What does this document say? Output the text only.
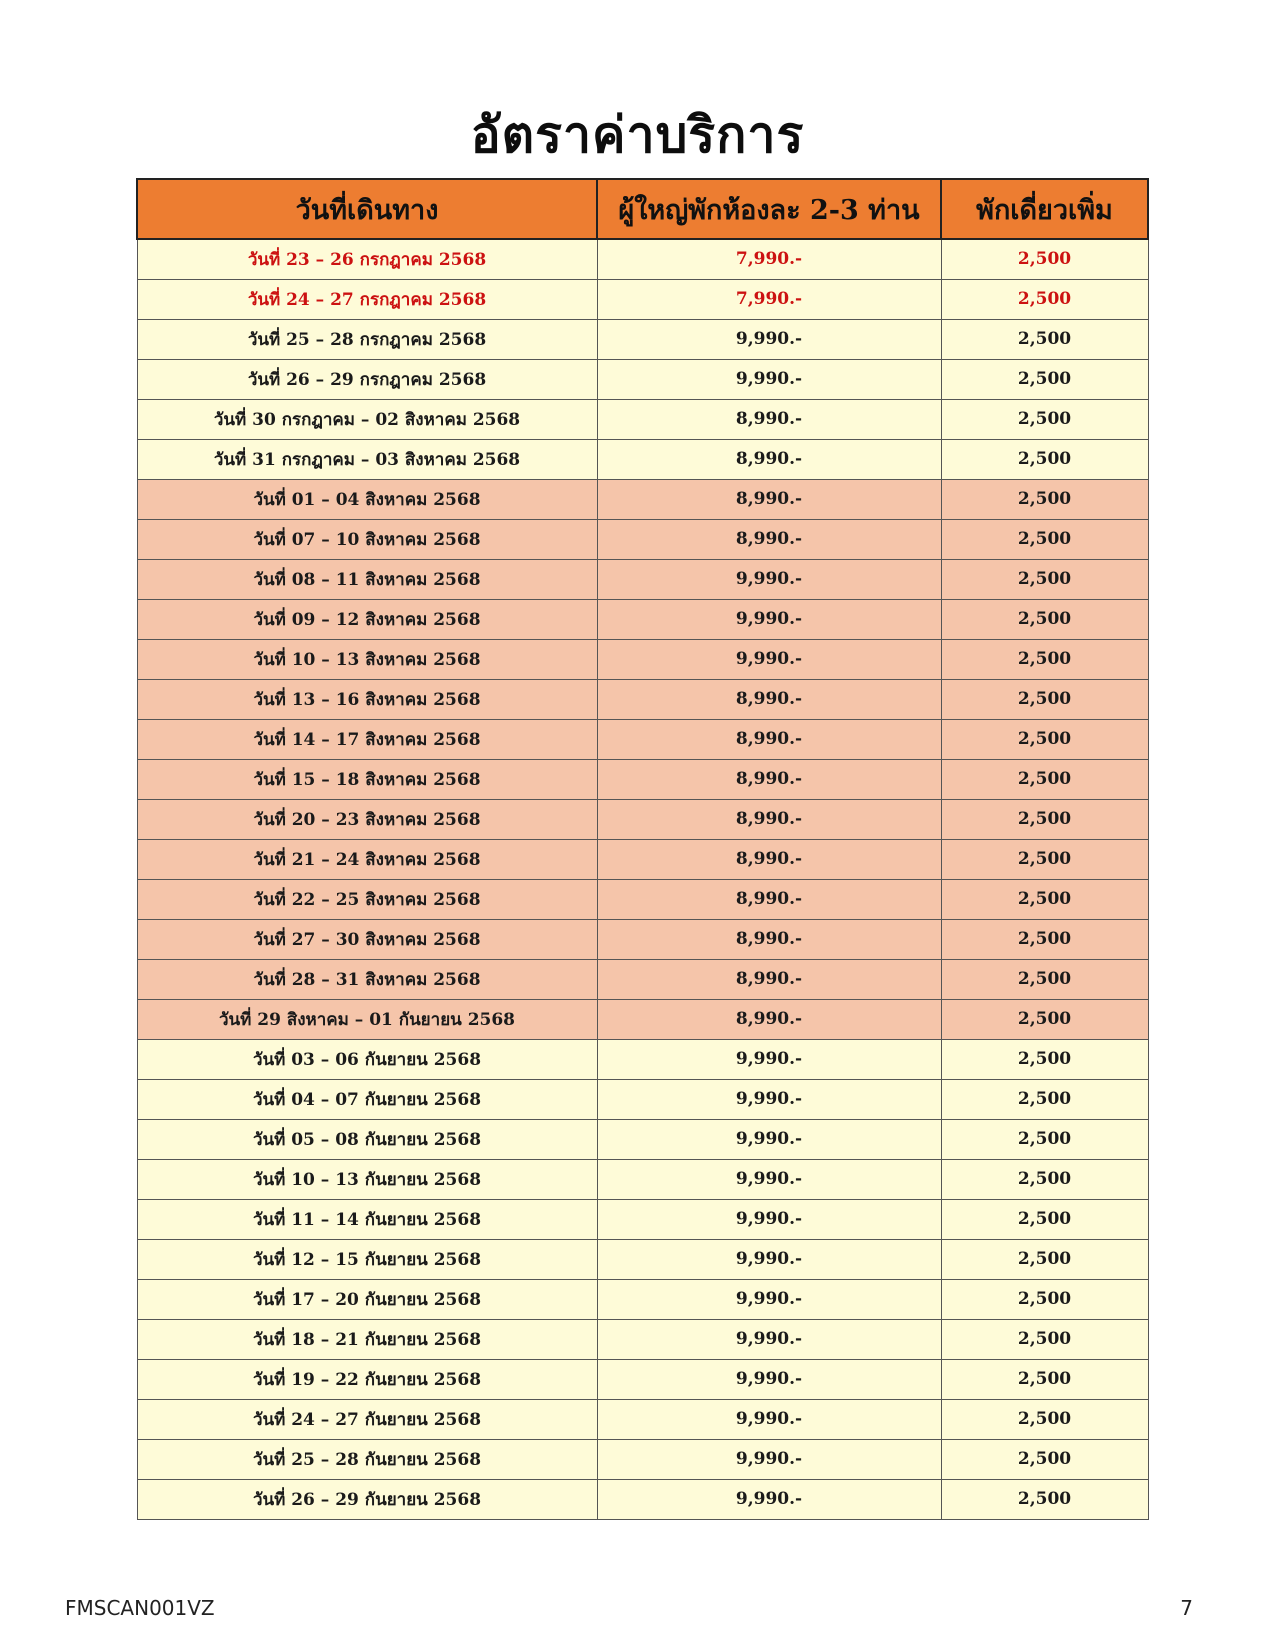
อัตราค่าบริการ
วันที่เดินทาง	ผู้ใหญ่พักห้องละ 2-3 ท่าน	พักเดี่ยวเพิ่ม
วันที่ 23 – 26 กรกฎาคม 2568	7,990.-	2,500
วันที่ 24 – 27 กรกฎาคม 2568	7,990.-	2,500
วันที่ 25 – 28 กรกฎาคม 2568	9,990.-	2,500
วันที่ 26 – 29 กรกฎาคม 2568	9,990.-	2,500
วันที่ 30 กรกฎาคม – 02 สิงหาคม 2568	8,990.-	2,500
วันที่ 31 กรกฎาคม – 03 สิงหาคม 2568	8,990.-	2,500
วันที่ 01 – 04 สิงหาคม 2568	8,990.-	2,500
วันที่ 07 – 10 สิงหาคม 2568	8,990.-	2,500
วันที่ 08 – 11 สิงหาคม 2568	9,990.-	2,500
วันที่ 09 – 12 สิงหาคม 2568	9,990.-	2,500
วันที่ 10 – 13 สิงหาคม 2568	9,990.-	2,500
วันที่ 13 – 16 สิงหาคม 2568	8,990.-	2,500
วันที่ 14 – 17 สิงหาคม 2568	8,990.-	2,500
วันที่ 15 – 18 สิงหาคม 2568	8,990.-	2,500
วันที่ 20 – 23 สิงหาคม 2568	8,990.-	2,500
วันที่ 21 – 24 สิงหาคม 2568	8,990.-	2,500
วันที่ 22 – 25 สิงหาคม 2568	8,990.-	2,500
วันที่ 27 – 30 สิงหาคม 2568	8,990.-	2,500
วันที่ 28 – 31 สิงหาคม 2568	8,990.-	2,500
วันที่ 29 สิงหาคม – 01 กันยายน 2568	8,990.-	2,500
วันที่ 03 – 06 กันยายน 2568	9,990.-	2,500
วันที่ 04 – 07 กันยายน 2568	9,990.-	2,500
วันที่ 05 – 08 กันยายน 2568	9,990.-	2,500
วันที่ 10 – 13 กันยายน 2568	9,990.-	2,500
วันที่ 11 – 14 กันยายน 2568	9,990.-	2,500
วันที่ 12 – 15 กันยายน 2568	9,990.-	2,500
วันที่ 17 – 20 กันยายน 2568	9,990.-	2,500
วันที่ 18 – 21 กันยายน 2568	9,990.-	2,500
วันที่ 19 – 22 กันยายน 2568	9,990.-	2,500
วันที่ 24 – 27 กันยายน 2568	9,990.-	2,500
วันที่ 25 – 28 กันยายน 2568	9,990.-	2,500
วันที่ 26 – 29 กันยายน 2568	9,990.-	2,500
FMSCAN001VZ	7
